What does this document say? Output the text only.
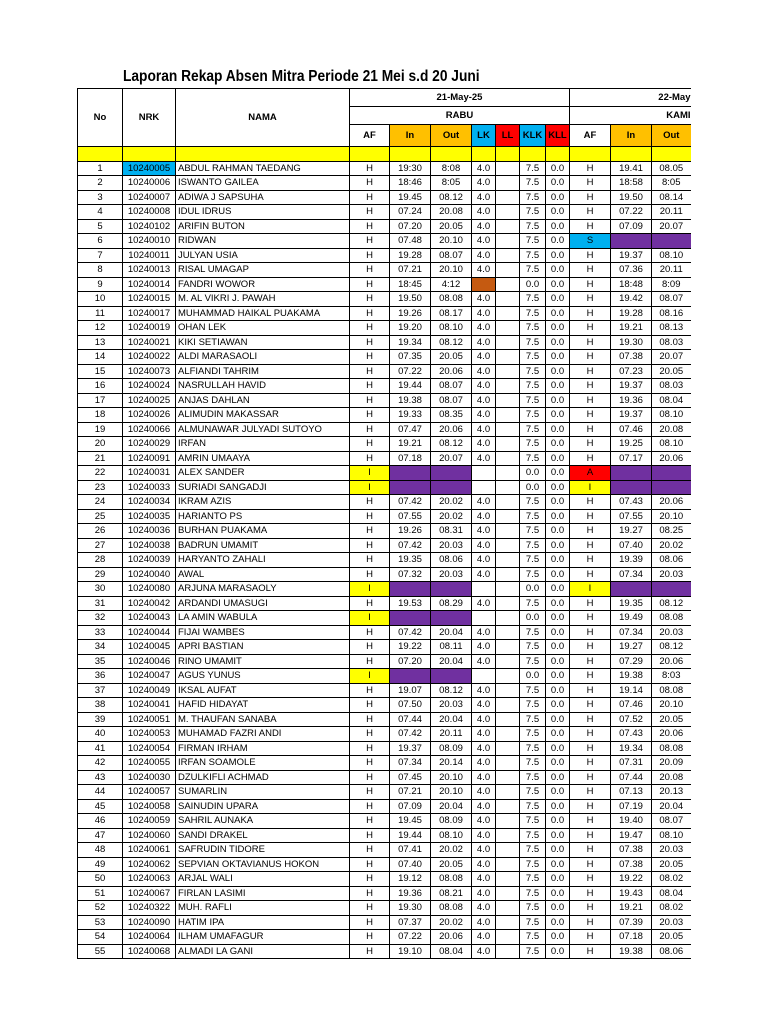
Laporan Rekap Absen Mitra Periode 21 Mei s.d 20 Juni
No	NRK	NAMA	21-May-25							22-May		
			RABU							KAMI		
			AF	In	Out	LK	LL	KLK	KLL	AF	In	Out

1	10240005	ABDUL RAHMAN TAEDANG	H	19:30	8:08	4.0		7.5	0.0	H	19.41	08.05
2	10240006	ISWANTO GAILEA	H	18:46	8:05	4.0		7.5	0.0	H	18:58	8:05
3	10240007	ADIWA J SAPSUHA	H	19.45	08.12	4.0		7.5	0.0	H	19.50	08.14
4	10240008	IDUL IDRUS	H	07.24	20.08	4.0		7.5	0.0	H	07.22	20.11
5	10240102	ARIFIN BUTON	H	07.20	20.05	4.0		7.5	0.0	H	07.09	20.07
6	10240010	RIDWAN	H	07.48	20.10	4.0		7.5	0.0	S		
7	10240011	JULYAN USIA	H	19.28	08.07	4.0		7.5	0.0	H	19.37	08.10
8	10240013	RISAL UMAGAP	H	07.21	20.10	4.0		7.5	0.0	H	07.36	20.11
9	10240014	FANDRI WOWOR	H	18:45	4:12			0.0	0.0	H	18:48	8:09
10	10240015	M. AL VIKRI J. PAWAH	H	19.50	08.08	4.0		7.5	0.0	H	19.42	08.07
11	10240017	MUHAMMAD HAIKAL PUAKAMA	H	19.26	08.17	4.0		7.5	0.0	H	19.28	08.16
12	10240019	OHAN LEK	H	19.20	08.10	4.0		7.5	0.0	H	19.21	08.13
13	10240021	KIKI SETIAWAN	H	19.34	08.12	4.0		7.5	0.0	H	19.30	08.03
14	10240022	ALDI MARASAOLI	H	07.35	20.05	4.0		7.5	0.0	H	07.38	20.07
15	10240073	ALFIANDI TAHRIM	H	07.22	20.06	4.0		7.5	0.0	H	07.23	20.05
16	10240024	NASRULLAH HAVID	H	19.44	08.07	4.0		7.5	0.0	H	19.37	08.03
17	10240025	ANJAS DAHLAN	H	19.38	08.07	4.0		7.5	0.0	H	19.36	08.04
18	10240026	ALIMUDIN MAKASSAR	H	19.33	08.35	4.0		7.5	0.0	H	19.37	08.10
19	10240066	ALMUNAWAR JULYADI SUTOYO	H	07.47	20.06	4.0		7.5	0.0	H	07.46	20.08
20	10240029	IRFAN	H	19.21	08.12	4.0		7.5	0.0	H	19.25	08.10
21	10240091	AMRIN UMAAYA	H	07.18	20.07	4.0		7.5	0.0	H	07.17	20.06
22	10240031	ALEX SANDER	I					0.0	0.0	A		
23	10240033	SURIADI SANGADJI	I					0.0	0.0	I		
24	10240034	IKRAM AZIS	H	07.42	20.02	4.0		7.5	0.0	H	07.43	20.06
25	10240035	HARIANTO PS	H	07.55	20.02	4.0		7.5	0.0	H	07.55	20.10
26	10240036	BURHAN PUAKAMA	H	19.26	08.31	4.0		7.5	0.0	H	19.27	08.25
27	10240038	BADRUN UMAMIT	H	07.42	20.03	4.0		7.5	0.0	H	07.40	20.02
28	10240039	HARYANTO ZAHALI	H	19.35	08.06	4.0		7.5	0.0	H	19.39	08.06
29	10240040	AWAL	H	07.32	20.03	4.0		7.5	0.0	H	07.34	20.03
30	10240080	ARJUNA MARASAOLY	I					0.0	0.0	I		
31	10240042	ARDANDI UMASUGI	H	19.53	08.29	4.0		7.5	0.0	H	19.35	08.12
32	10240043	LA AMIN WABULA	I					0.0	0.0	H	19.49	08.08
33	10240044	FIJAI WAMBES	H	07.42	20.04	4.0		7.5	0.0	H	07.34	20.03
34	10240045	APRI BASTIAN	H	19.22	08.11	4.0		7.5	0.0	H	19.27	08.12
35	10240046	RINO UMAMIT	H	07.20	20.04	4.0		7.5	0.0	H	07.29	20.06
36	10240047	AGUS YUNUS	I					0.0	0.0	H	19.38	8:03
37	10240049	IKSAL AUFAT	H	19.07	08.12	4.0		7.5	0.0	H	19.14	08.08
38	10240041	HAFID HIDAYAT	H	07.50	20.03	4.0		7.5	0.0	H	07.46	20.10
39	10240051	M. THAUFAN SANABA	H	07.44	20.04	4.0		7.5	0.0	H	07.52	20.05
40	10240053	MUHAMAD FAZRI ANDI	H	07.42	20.11	4.0		7.5	0.0	H	07.43	20.06
41	10240054	FIRMAN IRHAM	H	19.37	08.09	4.0		7.5	0.0	H	19.34	08.08
42	10240055	IRFAN SOAMOLE	H	07.34	20.14	4.0		7.5	0.0	H	07.31	20.09
43	10240030	DZULKIFLI ACHMAD	H	07.45	20.10	4.0		7.5	0.0	H	07.44	20.08
44	10240057	SUMARLIN	H	07.21	20.10	4.0		7.5	0.0	H	07.13	20.13
45	10240058	SAINUDIN UPARA	H	07.09	20.04	4.0		7.5	0.0	H	07.19	20.04
46	10240059	SAHRIL AUNAKA	H	19.45	08.09	4.0		7.5	0.0	H	19.40	08.07
47	10240060	SANDI DRAKEL	H	19.44	08.10	4.0		7.5	0.0	H	19.47	08.10
48	10240061	SAFRUDIN TIDORE	H	07.41	20.02	4.0		7.5	0.0	H	07.38	20.03
49	10240062	SEPVIAN OKTAVIANUS HOKON	H	07.40	20.05	4.0		7.5	0.0	H	07.38	20.05
50	10240063	ARJAL WALI	H	19.12	08.08	4.0		7.5	0.0	H	19.22	08.02
51	10240067	FIRLAN LASIMI	H	19.36	08.21	4.0		7.5	0.0	H	19.43	08.04
52	10240322	MUH. RAFLI	H	19.30	08.08	4.0		7.5	0.0	H	19.21	08.02
53	10240090	HATIM IPA	H	07.37	20.02	4.0		7.5	0.0	H	07.39	20.03
54	10240064	ILHAM UMAFAGUR	H	07.22	20.06	4.0		7.5	0.0	H	07.18	20.05
55	10240068	ALMADI LA GANI	H	19.10	08.04	4.0		7.5	0.0	H	19.38	08.06
